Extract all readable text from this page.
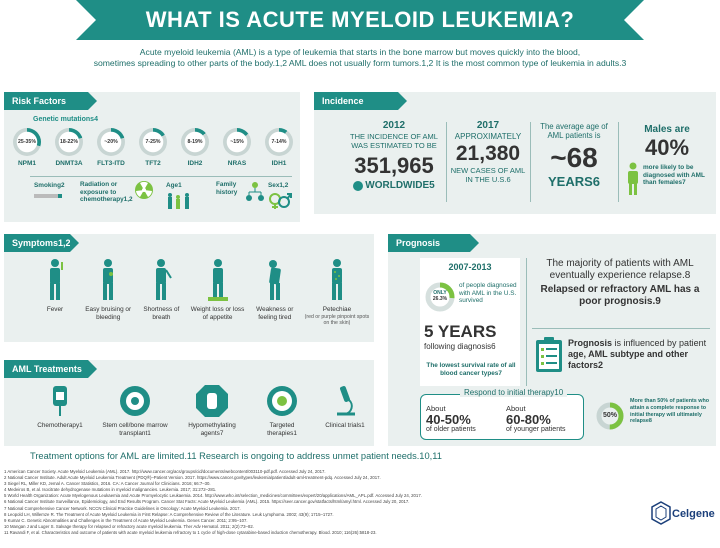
WHAT IS ACUTE MYELOID LEUKEMIA?
Acute myeloid leukemia (AML) is a type of leukemia that starts in the bone marrow but moves quickly into the blood,
sometimes spreading to other parts of the body.1,2 AML does not usually form tumors.1,2 It is the most common type of leukemia in adults.3
Risk Factors
Genetic mutations4
25-35%
NPM1
18-22%
DNMT3A
~20%
FLT3-ITD
7-25%
TFT2
8-19%
IDH2
~15%
NRAS
7-14%
IDH1
Smoking2 Radiation or exposure to chemotherapy1,2
Age1	Family history
Sex1,2
Incidence
2012
THE INCIDENCE OF AML WAS ESTIMATED TO BE
351,965
WORLDWIDE5
2017
APPROXIMATELY
21,380
NEW CASES OF AML IN THE U.S.6
The average age of AML patients is
~68
YEARS6
Males are
40%
more likely to be diagnosed with AML than females7
Symptoms1,2
Fever	Easy bruising or bleeding
Shortness of breath
Weight loss or loss of appetite
Weakness or feeling tired
Petechiae
(red or purple pinpoint spots on the skin)
AML Treatments
Chemotherapy1	Stem cell/bone marrow transplant1
Hypomethylating agents7
Targeted therapies1
Clinical trials1
Treatment options for AML are limited.11 Research is ongoing to address unmet patient needs.10,11
Prognosis
2007-2013
ONLY
26.3%
of people diagnosed with AML in the U.S. survived
5 YEARS
following diagnosis6
The lowest survival rate of all blood cancer types7
The majority of patients with AML eventually experience relapse.8
Relapsed or refractory AML has a poor prognosis.9
Prognosis is influenced by patient age, AML subtype and other factors2
Respond to initial therapy10
About
40-50%
of older patients
About
60-80%
of younger patients
50%
More than 50% of patients who attain a complete response to initial therapy will ultimately relapse8
1 American Cancer Society. Acute Myeloid Leukemia (AML). 2017. http://www.cancer.org/acs/groups/cid/documents/webcontent/003110-pdf.pdf. Accessed July 24, 2017.
2 National Cancer Institute. Adult Acute Myeloid Leukemia Treatment (PDQ®)–Patient Version. 2017. https://www.cancer.gov/types/leukemia/patient/adult-aml-treatment-pdq. Accessed July 24, 2017.
3 Siegel RL, Miller KD, Jemal A. Cancer Statistics, 2016. CA: A Cancer Journal for Clinicians. 2016; 66:7–30.
4 Medeiros B, et al. Isocitrate dehydrogenase mutations in myeloid malignancies. Leukemia. 2017; 31:272–281.
5 World Health Organization: Acute Myelogenous Leukaemia and Acute Promyelocytic Leukaemia. 2014. http://www.who.int/selection_medicines/committees/expert/20/applications/AML_APL.pdf. Accessed July 24, 2017.
6 National Cancer Institute Surveillance, Epidemiology, and End Results Program. Cancer Stat Facts: Acute Myeloid Leukemia (AML). 2015. https://seer.cancer.gov/statfacts/html/amyl.html. Accessed July 20, 2017.
7 National Comprehensive Cancer Network. NCCN Clinical Practice Guidelines in Oncology: Acute Myeloid Leukemia. 2017.
8 Leopold LH, Willemze R. The Treatment of Acute Myeloid Leukemia in First Relapse: A Comprehensive Review of the Literature. Leuk Lymphoma. 2002; 43(9); 1715–1727.
9 Kumar C. Genetic Abnormalities and Challenges in the Treatment of Acute Myeloid Leukemia. Genes Cancer. 2011; 2:95–107.
10 Mangan J and Luger S. Salvage therapy for relapsed or refractory acute myeloid leukemia. Ther Adv Hematol. 2011; 2(2):73–82.
11 Ravandi F, et al. Characteristics and outcome of patients with acute myeloid leukemia refractory to 1 cycle of high-dose cytarabine-based induction chemotherapy. Blood. 2010; 116(26):5818-23.
Celgene
